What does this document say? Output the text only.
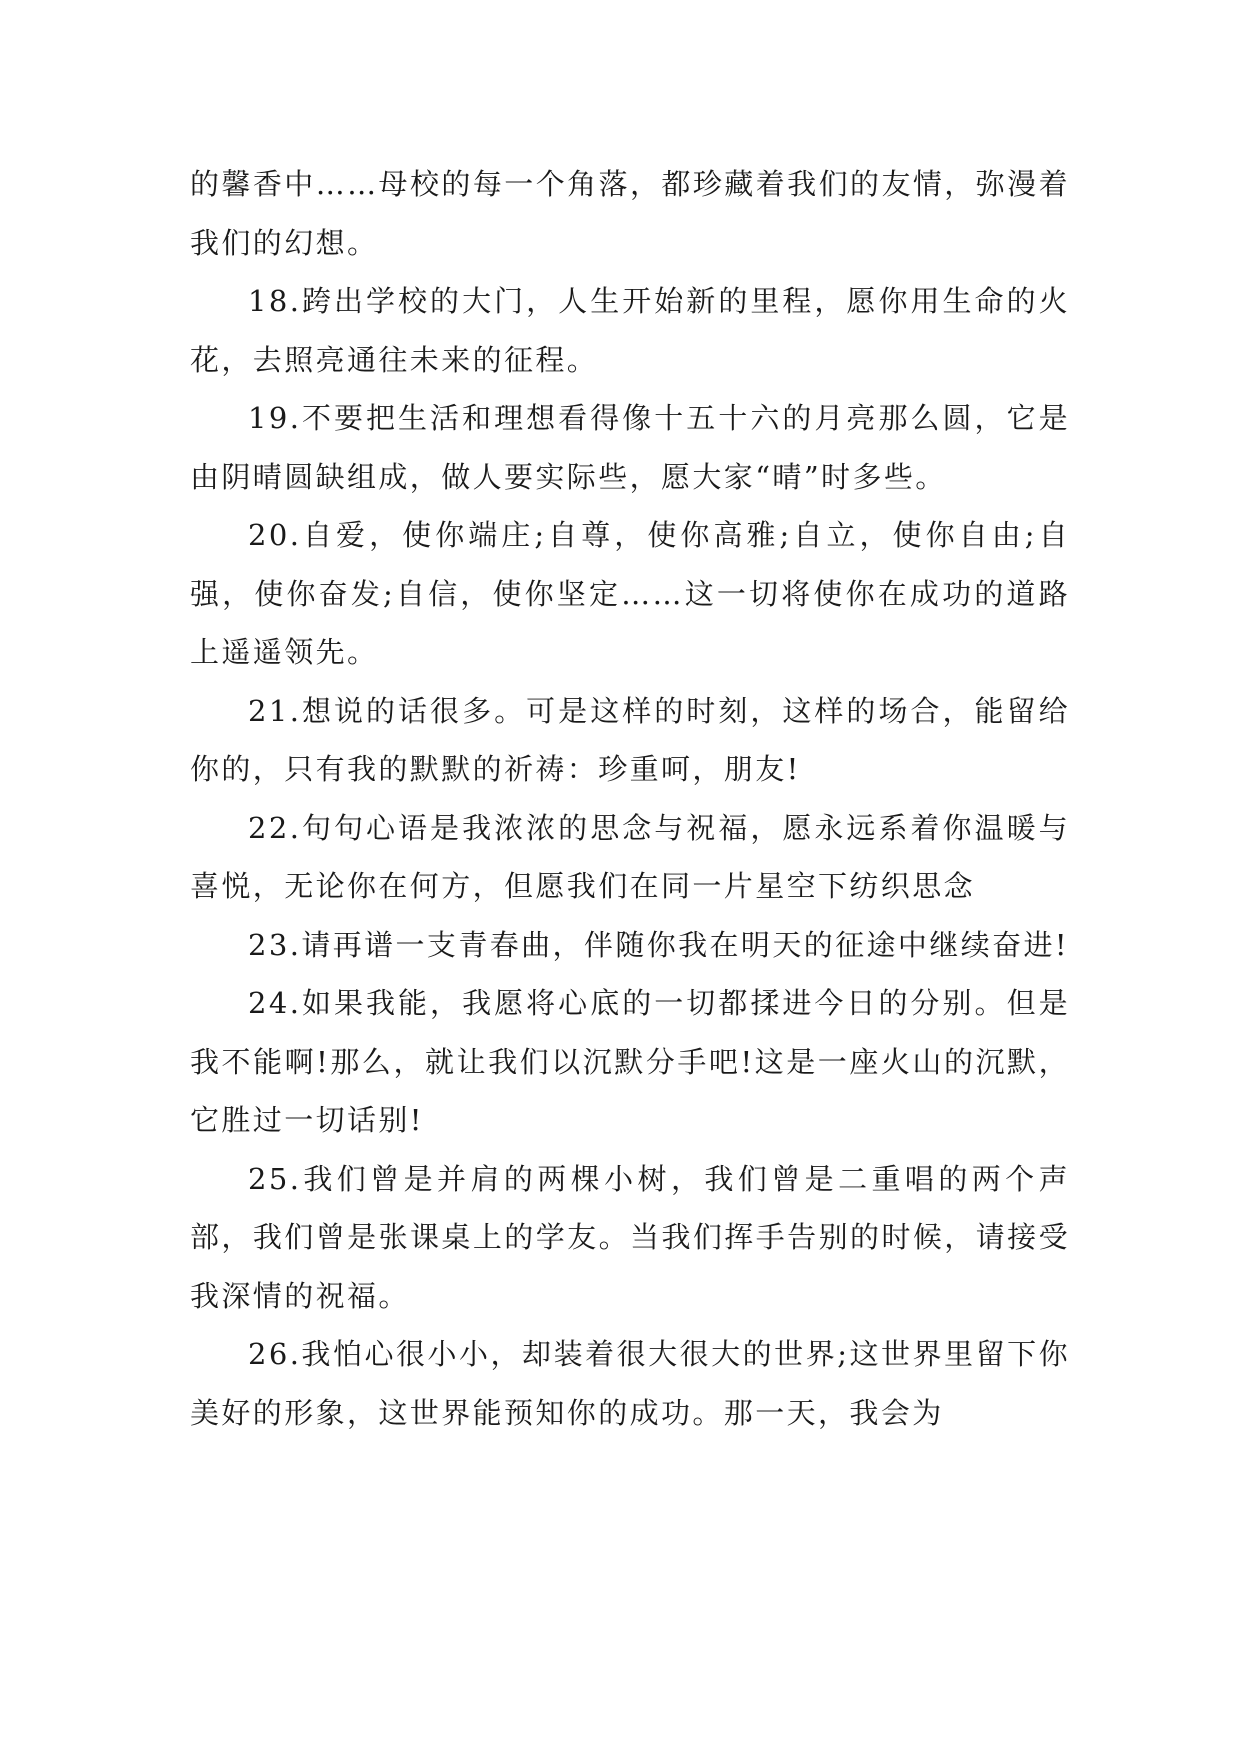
的馨香中……母校的每一个角落，都珍藏着我们的友情，弥漫着我们的幻想。

18.跨出学校的大门，人生开始新的里程，愿你用生命的火花，去照亮通往未来的征程。

19.不要把生活和理想看得像十五十六的月亮那么圆，它是由阴晴圆缺组成，做人要实际些，愿大家“晴”时多些。

20.自爱，使你端庄;自尊，使你高雅;自立，使你自由;自强，使你奋发;自信，使你坚定……这一切将使你在成功的道路上遥遥领先。

21.想说的话很多。可是这样的时刻，这样的场合，能留给你的，只有我的默默的祈祷：珍重呵，朋友!

22.句句心语是我浓浓的思念与祝福，愿永远系着你温暖与喜悦，无论你在何方，但愿我们在同一片星空下纺织思念

23.请再谱一支青春曲，伴随你我在明天的征途中继续奋进!

24.如果我能，我愿将心底的一切都揉进今日的分别。但是我不能啊!那么，就让我们以沉默分手吧!这是一座火山的沉默，它胜过一切话别!

25.我们曾是并肩的两棵小树，我们曾是二重唱的两个声部，我们曾是张课桌上的学友。当我们挥手告别的时候，请接受我深情的祝福。

26.我怕心很小小，却装着很大很大的世界;这世界里留下你美好的形象，这世界能预知你的成功。那一天，我会为
